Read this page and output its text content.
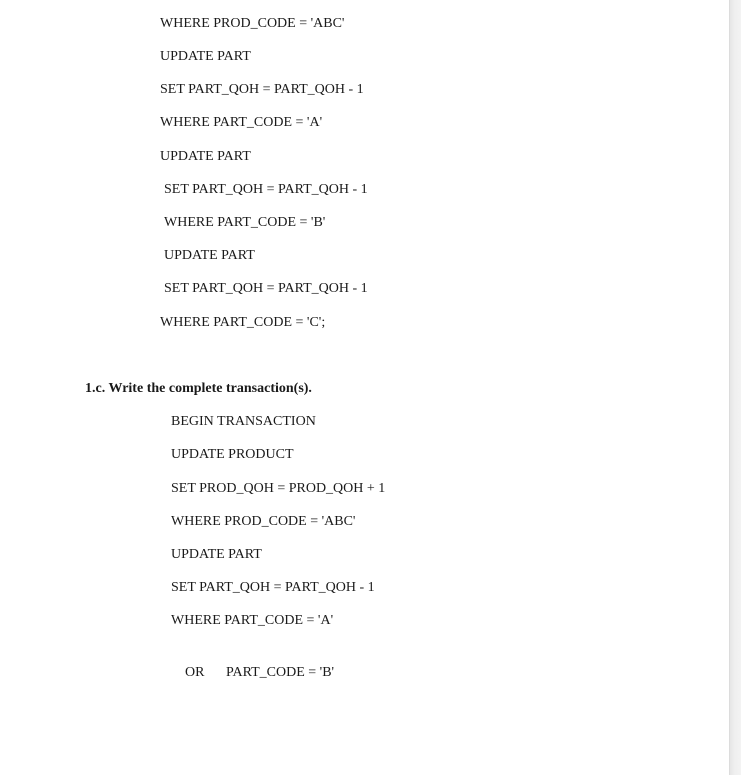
WHERE PROD_CODE = 'ABC'
UPDATE PART
SET PART_QOH = PART_QOH - 1
WHERE PART_CODE = 'A'
UPDATE PART
SET PART_QOH = PART_QOH - 1
WHERE PART_CODE = 'B'
UPDATE PART
SET PART_QOH = PART_QOH - 1
WHERE PART_CODE = 'C';
1.c. Write the complete transaction(s).
BEGIN TRANSACTION
UPDATE PRODUCT
SET PROD_QOH = PROD_QOH + 1
WHERE PROD_CODE = 'ABC'
UPDATE PART
SET PART_QOH = PART_QOH - 1
WHERE PART_CODE = 'A'

OR PART_CODE = 'B'
